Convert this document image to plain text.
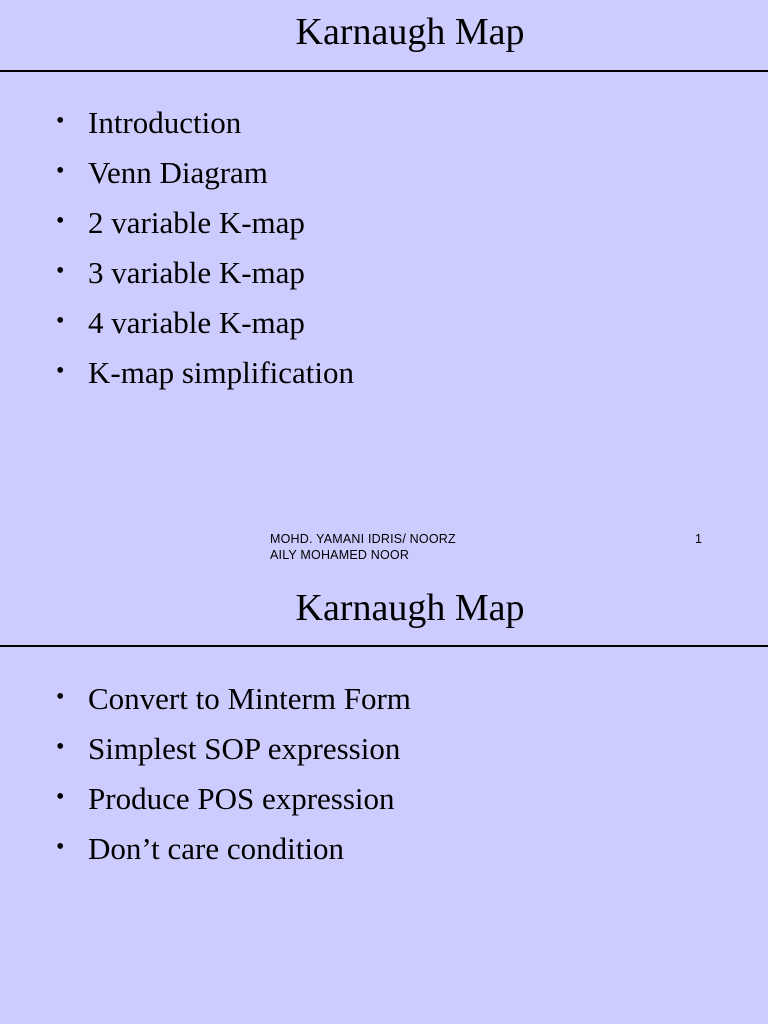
Karnaugh Map
• Introduction
• Venn Diagram
• 2 variable K-map
• 3 variable K-map
• 4 variable K-map
• K-map simplification
MOHD. YAMANI IDRIS/ NOORZ
AILY MOHAMED NOOR
1
Karnaugh Map
• Convert to Minterm Form
• Simplest SOP expression
• Produce POS expression
• Don’t care condition
